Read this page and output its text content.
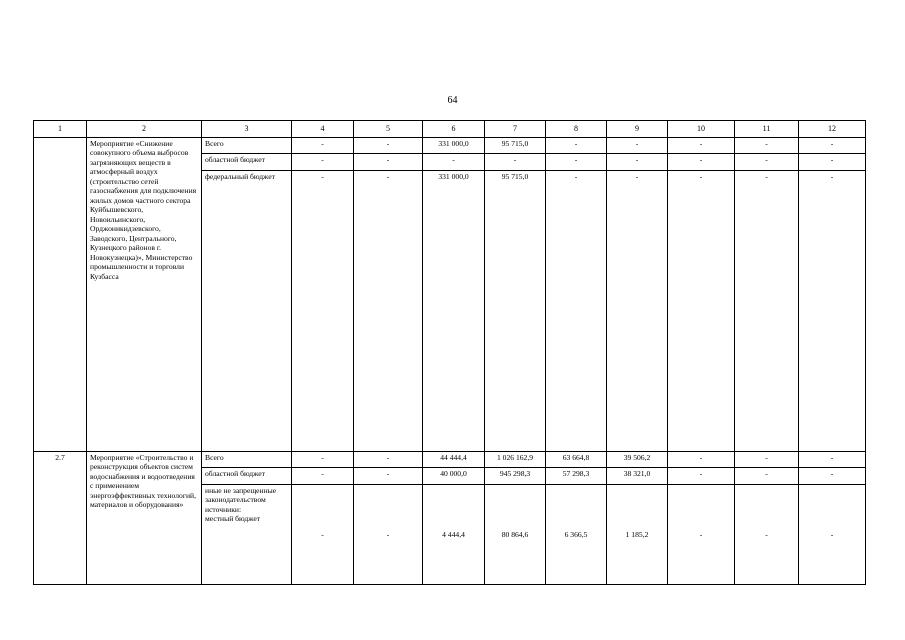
64
1	2	3	4	5	6	7	8	9	10	11	12
	Мероприятие «Снижение совокупного объема выбросов загрязняющих веществ в атмосферный воздух (строительство сетей газоснабжения для подключения жилых домов частного сектора Куйбышевского, Новоильинского, Орджоникидзевского, Заводского, Центрального, Кузнецкого районов г. Новокузнецка)», Министерство промышленности и торговли Кузбасса	Всего	-	-	331 000,0	95 715,0	-	-	-	-	-
		областной бюджет	-	-	-	-	-	-	-	-	-
		федеральный бюджет	-	-	331 000,0	95 715,0	-	-	-	-	-
2.7	Мероприятие «Строительство и реконструкция объектов систем водоснабжения и водоотведения с применением энергоэффективных технологий, материалов и оборудования»	Всего	-	-	44 444,4	1 026 162,9	63 664,8	39 506,2	-	-	-
		областной бюджет	-	-	40 000,0	945 298,3	57 298,3	38 321,0	-	-	-

		иные не запрещенные законодательством источники:
местный бюджет	-	-	4 444,4	80 864,6	6 366,5	1 185,2	-	-	-
